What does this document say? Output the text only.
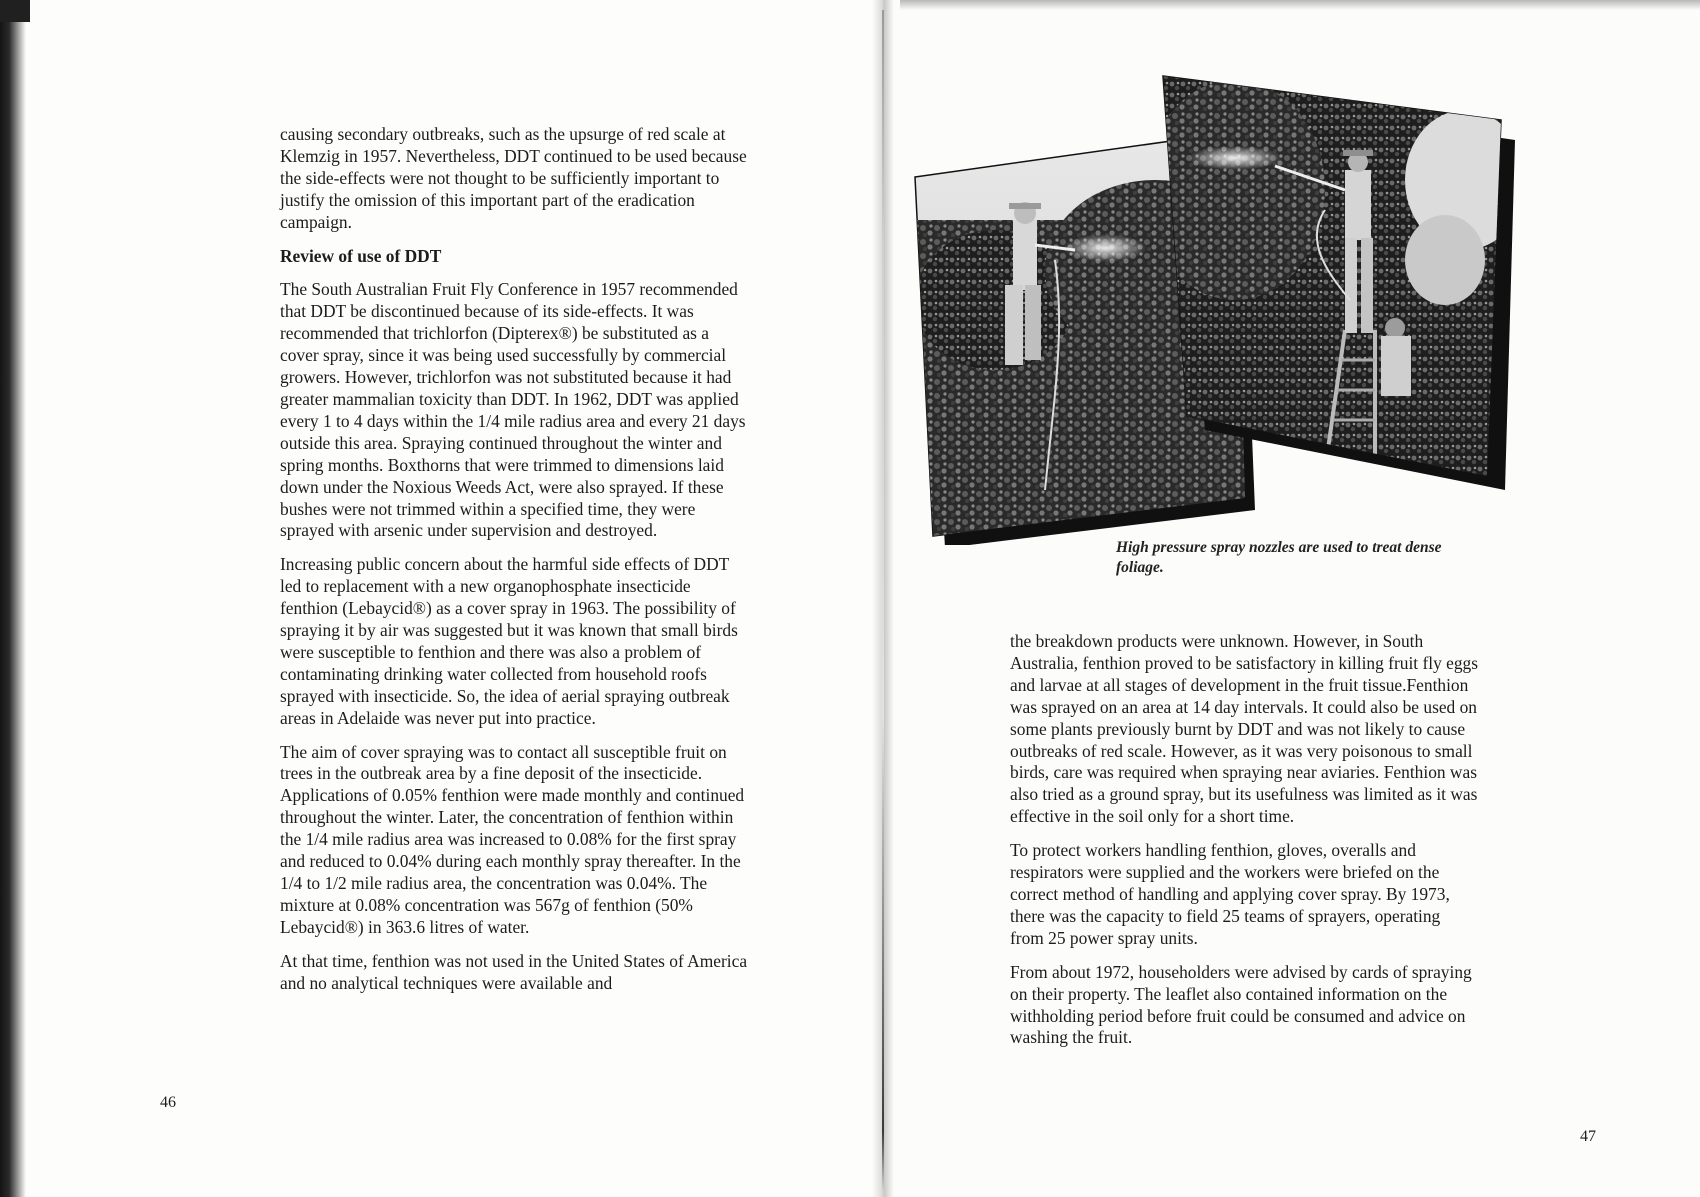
causing secondary outbreaks, such as the upsurge of red scale at Klemzig in 1957. Nevertheless, DDT continued to be used because the side-effects were not thought to be sufficiently important to justify the omission of this important part of the eradication campaign.

Review of use of DDT

The South Australian Fruit Fly Conference in 1957 recommended that DDT be discontinued because of its side-effects. It was recommended that trichlorfon (Dipterex®) be substituted as a cover spray, since it was being used successfully by commercial growers. However, trichlorfon was not substituted because it had greater mammalian toxicity than DDT. In 1962, DDT was applied every 1 to 4 days within the 1/4 mile radius area and every 21 days outside this area. Spraying continued throughout the winter and spring months. Boxthorns that were trimmed to dimensions laid down under the Noxious Weeds Act, were also sprayed. If these bushes were not trimmed within a specified time, they were sprayed with arsenic under supervision and destroyed.

Increasing public concern about the harmful side effects of DDT led to replacement with a new organophosphate insecticide fenthion (Lebaycid®) as a cover spray in 1963. The possibility of spraying it by air was suggested but it was known that small birds were susceptible to fenthion and there was also a problem of contaminating drinking water collected from household roofs sprayed with insecticide. So, the idea of aerial spraying outbreak areas in Adelaide was never put into practice.

The aim of cover spraying was to contact all susceptible fruit on trees in the outbreak area by a fine deposit of the insecticide. Applications of 0.05% fenthion were made monthly and continued throughout the winter. Later, the concentration of fenthion within the 1/4 mile radius area was increased to 0.08% for the first spray and reduced to 0.04% during each monthly spray thereafter. In the 1/4 to 1/2 mile radius area, the concentration was 0.04%. The mixture at 0.08% concentration was 567g of fenthion (50% Lebaycid®) in 363.6 litres of water.

At that time, fenthion was not used in the United States of America and no analytical techniques were available and

46
High pressure spray nozzles are used to treat dense foliage.

the breakdown products were unknown. However, in South Australia, fenthion proved to be satisfactory in killing fruit fly eggs and larvae at all stages of development in the fruit tissue.Fenthion was sprayed on an area at 14 day intervals. It could also be used on some plants previously burnt by DDT and was not likely to cause outbreaks of red scale. However, as it was very poisonous to small birds, care was required when spraying near aviaries. Fenthion was also tried as a ground spray, but its usefulness was limited as it was effective in the soil only for a short time.

To protect workers handling fenthion, gloves, overalls and respirators were supplied and the workers were briefed on the correct method of handling and applying cover spray. By 1973, there was the capacity to field 25 teams of sprayers, operating from 25 power spray units.

From about 1972, householders were advised by cards of spraying on their property. The leaflet also contained information on the withholding period before fruit could be consumed and advice on washing the fruit.

47
